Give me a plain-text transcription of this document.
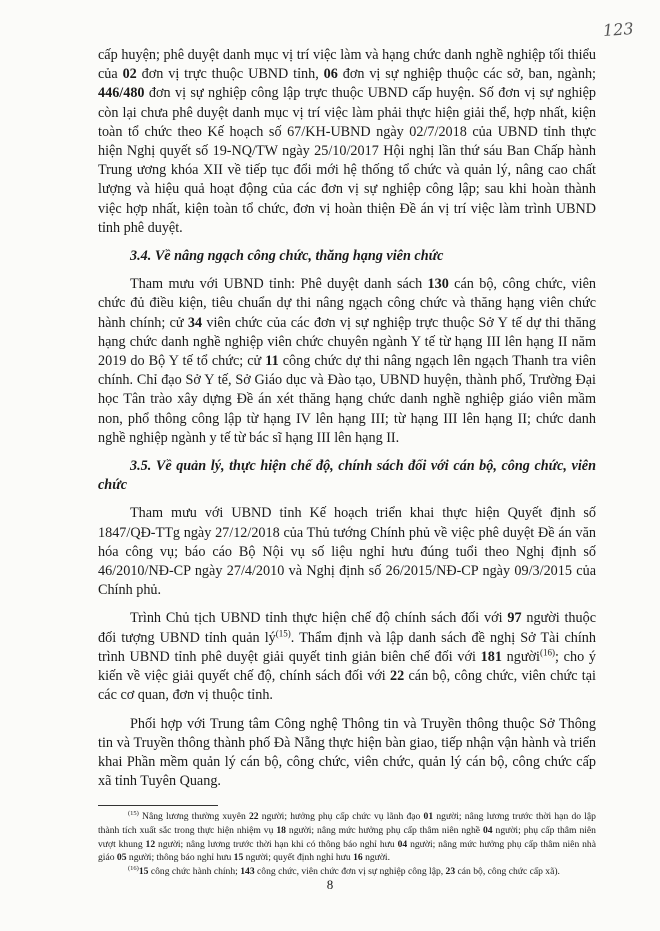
123

cấp huyện; phê duyệt danh mục vị trí việc làm và hạng chức danh nghề nghiệp tối thiểu của 02 đơn vị trực thuộc UBND tỉnh, 06 đơn vị sự nghiệp thuộc các sở, ban, ngành; 446/480 đơn vị sự nghiệp công lập trực thuộc UBND cấp huyện. Số đơn vị sự nghiệp còn lại chưa phê duyệt danh mục vị trí việc làm phải thực hiện giải thể, hợp nhất, kiện toàn tổ chức theo Kế hoạch số 67/KH-UBND ngày 02/7/2018 của UBND tỉnh thực hiện Nghị quyết số 19-NQ/TW ngày 25/10/2017 Hội nghị lần thứ sáu Ban Chấp hành Trung ương khóa XII về tiếp tục đổi mới hệ thống tổ chức và quản lý, nâng cao chất lượng và hiệu quả hoạt động của các đơn vị sự nghiệp công lập; sau khi hoàn thành việc hợp nhất, kiện toàn tổ chức, đơn vị hoàn thiện Đề án vị trí việc làm trình UBND tỉnh phê duyệt.

3.4. Về nâng ngạch công chức, thăng hạng viên chức

Tham mưu với UBND tỉnh: Phê duyệt danh sách 130 cán bộ, công chức, viên chức đủ điều kiện, tiêu chuẩn dự thi nâng ngạch công chức và thăng hạng viên chức hành chính; cử 34 viên chức của các đơn vị sự nghiệp trực thuộc Sở Y tế dự thi thăng hạng chức danh nghề nghiệp viên chức chuyên ngành Y tế từ hạng III lên hạng II năm 2019 do Bộ Y tế tổ chức; cử 11 công chức dự thi nâng ngạch lên ngạch Thanh tra viên chính. Chỉ đạo Sở Y tế, Sở Giáo dục và Đào tạo, UBND huyện, thành phố, Trường Đại học Tân trào xây dựng Đề án xét thăng hạng chức danh nghề nghiệp giáo viên mầm non, phổ thông công lập từ hạng IV lên hạng III; từ hạng III lên hạng II; chức danh nghề nghiệp ngành y tế từ bác sĩ hạng III lên hạng II.

3.5. Về quản lý, thực hiện chế độ, chính sách đối với cán bộ, công chức, viên chức

Tham mưu với UBND tỉnh Kế hoạch triển khai thực hiện Quyết định số 1847/QĐ-TTg ngày 27/12/2018 của Thủ tướng Chính phủ về việc phê duyệt Đề án văn hóa công vụ; báo cáo Bộ Nội vụ số liệu nghỉ hưu đúng tuổi theo Nghị định số 46/2010/NĐ-CP ngày 27/4/2010 và Nghị định số 26/2015/NĐ-CP ngày 09/3/2015 của Chính phủ.

Trình Chủ tịch UBND tỉnh thực hiện chế độ chính sách đối với 97 người thuộc đối tượng UBND tỉnh quản $lý^{(15)}$. Thẩm định và lập danh sách đề nghị Sở Tài chính trình UBND tỉnh phê duyệt giải quyết tinh giản biên chế đối với 181 người$^{(16)}$; cho ý kiến về việc giải quyết chế độ, chính sách đối với 22 cán bộ, công chức, viên chức tại các cơ quan, đơn vị thuộc tỉnh.

Phối hợp với Trung tâm Công nghệ Thông tin và Truyền thông thuộc Sở Thông tin và Truyền thông thành phố Đà Nẵng thực hiện bàn giao, tiếp nhận vận hành và triển khai Phần mềm quản lý cán bộ, công chức, viên chức, quản lý cán bộ, công chức cấp xã tỉnh Tuyên Quang.

$^{(15)}$ Nâng lương thường xuyên 22 người; hưởng phụ cấp chức vụ lãnh đạo 01 người; nâng lương trước thời hạn do lập thành tích xuất sắc trong thực hiện nhiệm vụ 18 người; nâng mức hưởng phụ cấp thâm niên nghề 04 người; phụ cấp thâm niên vượt khung 12 người; nâng lương trước thời hạn khi có thông báo nghỉ hưu 04 người; nâng mức hưởng phụ cấp thâm niên nhà giáo 05 người; thông báo nghỉ hưu 15 người; quyết định nghỉ hưu 16 người.

$^{(16)}$15 công chức hành chính; 143 công chức, viên chức đơn vị sự nghiệp công lập, 23 cán bộ, công chức cấp xã).

8
